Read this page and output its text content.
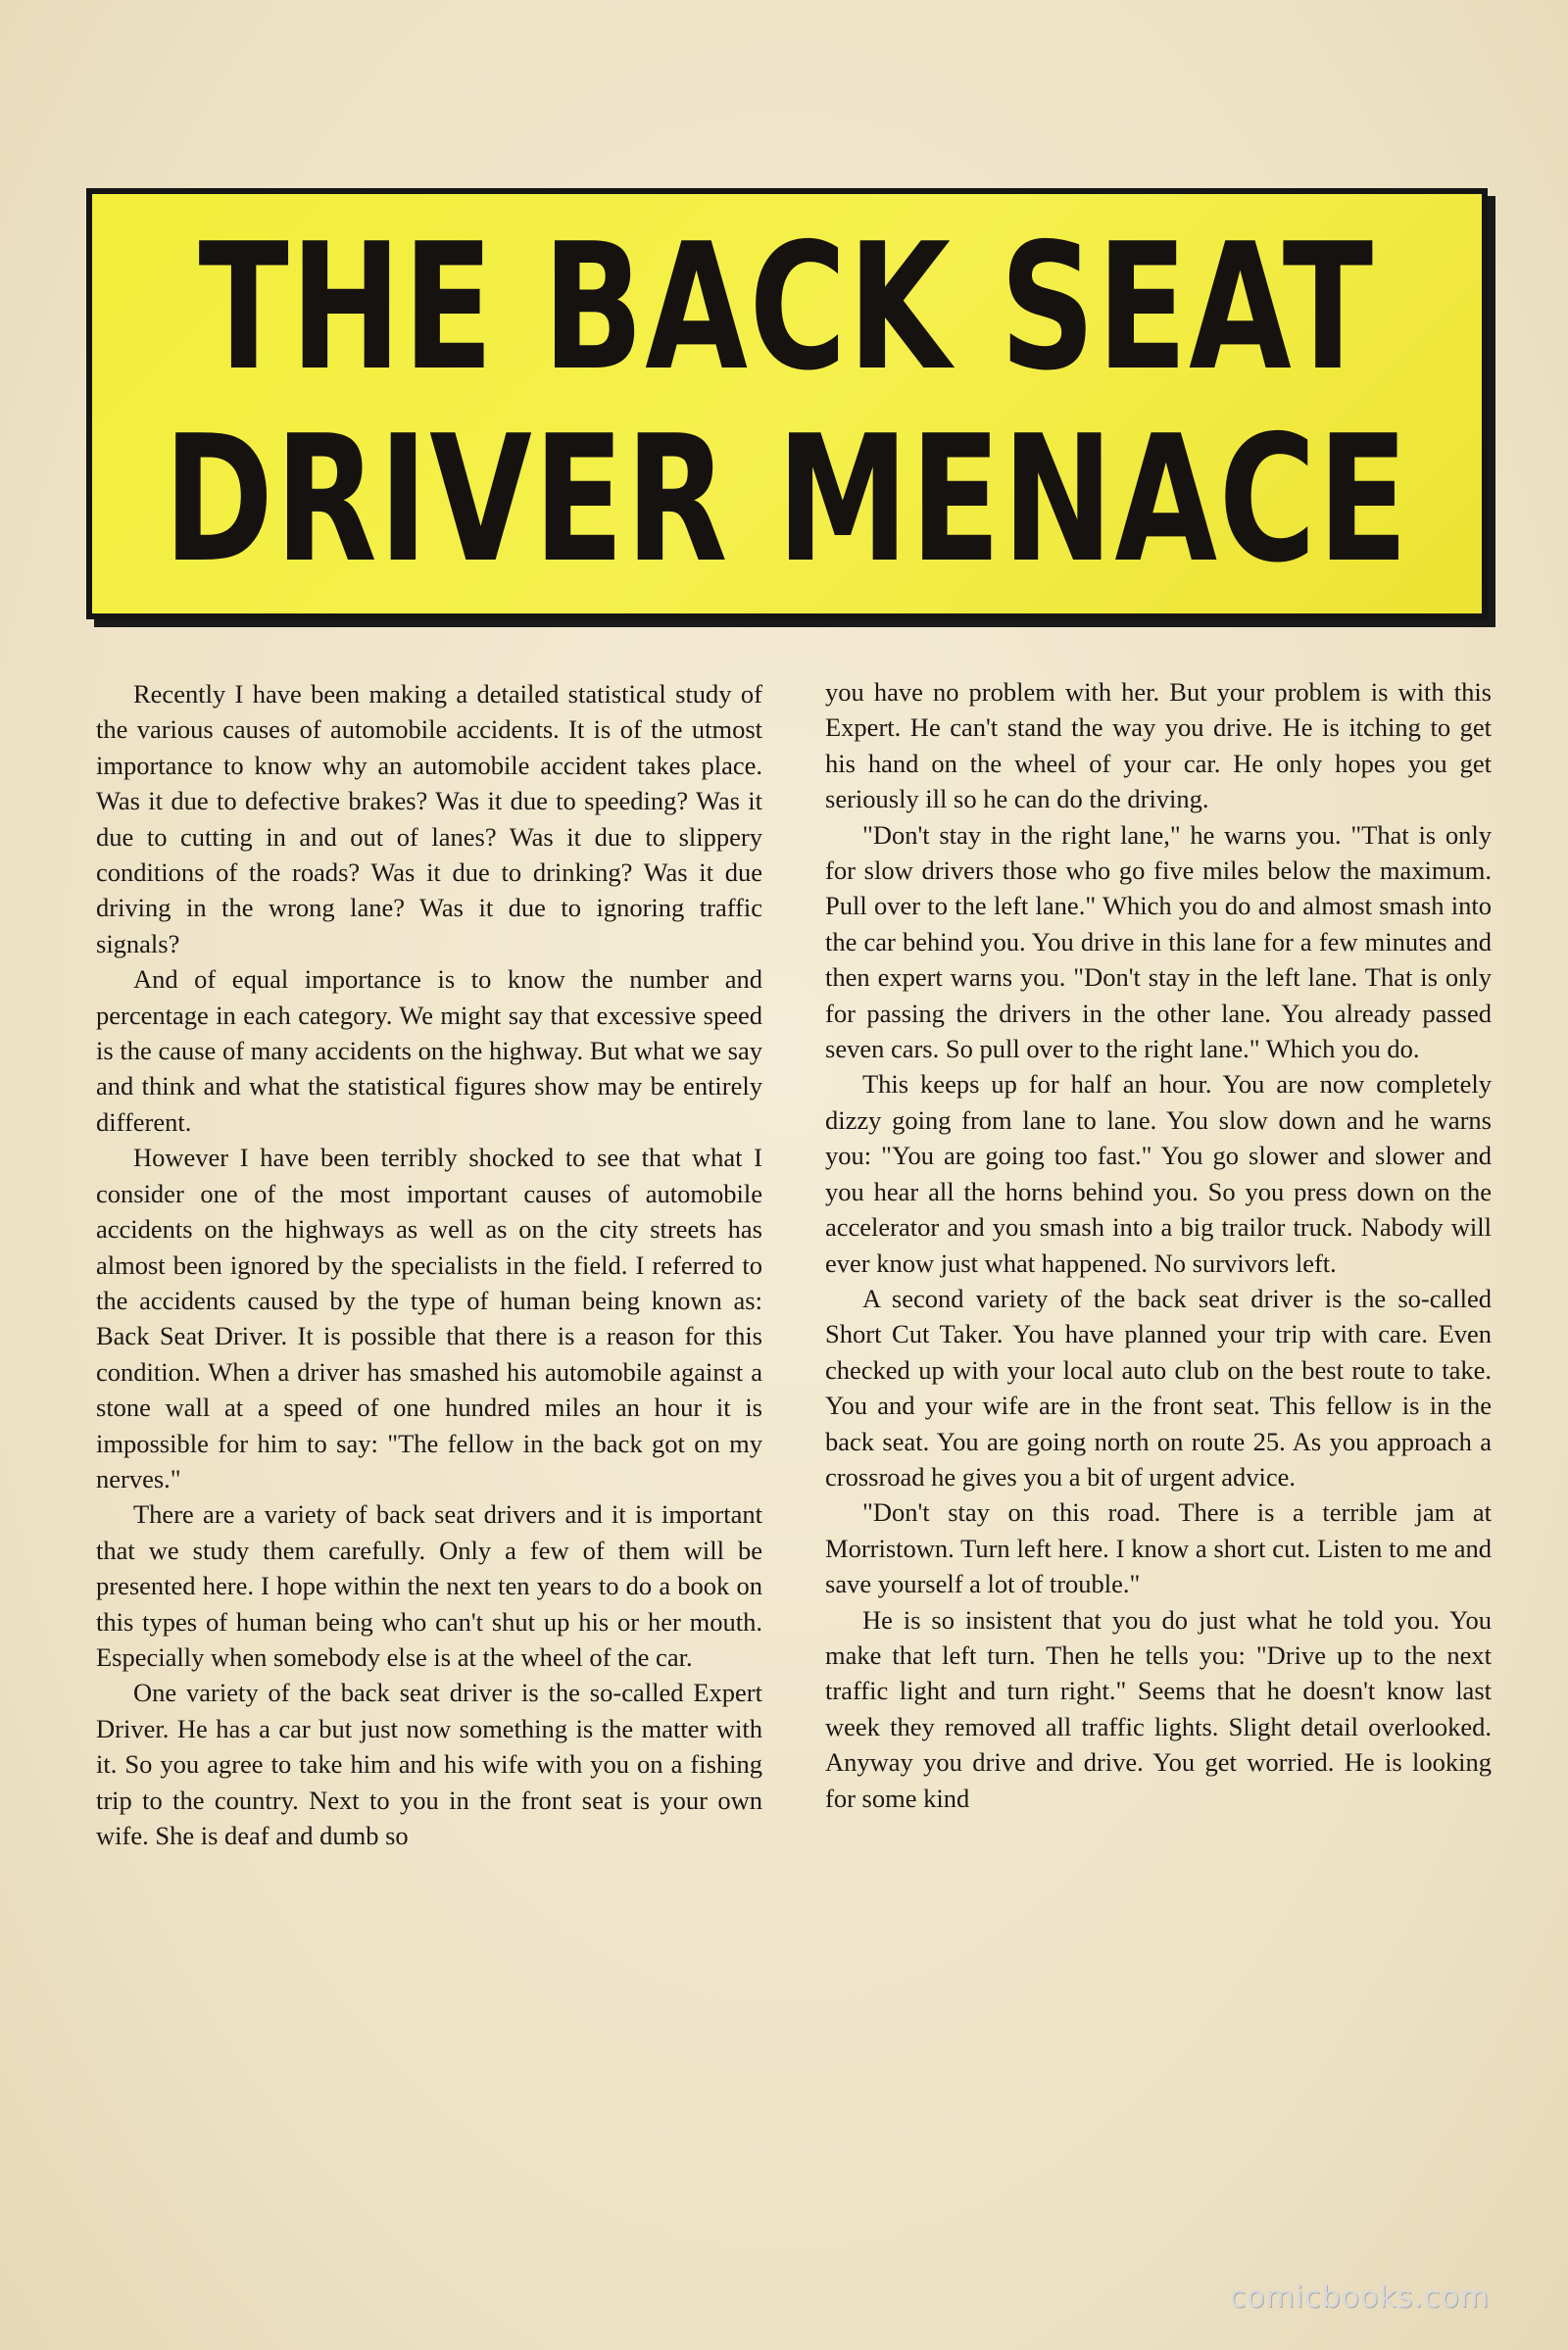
THE BACK SEAT
DRIVER MENACE

Recently I have been making a detailed statistical study of the various causes of automobile accidents. It is of the utmost importance to know why an automobile accident takes place. Was it due to defective brakes? Was it due to speeding? Was it due to cutting in and out of lanes? Was it due to slippery conditions of the roads? Was it due to drinking? Was it due driving in the wrong lane? Was it due to ignoring traffic signals?

And of equal importance is to know the number and percentage in each category. We might say that excessive speed is the cause of many accidents on the highway. But what we say and think and what the statistical figures show may be entirely different.

However I have been terribly shocked to see that what I consider one of the most important causes of automobile accidents on the highways as well as on the city streets has almost been ignored by the specialists in the field. I referred to the accidents caused by the type of human being known as: Back Seat Driver. It is possible that there is a reason for this condition. When a driver has smashed his automobile against a stone wall at a speed of one hundred miles an hour it is impossible for him to say: "The fellow in the back got on my nerves."

There are a variety of back seat drivers and it is important that we study them carefully. Only a few of them will be presented here. I hope within the next ten years to do a book on this types of human being who can't shut up his or her mouth. Especially when somebody else is at the wheel of the car.

One variety of the back seat driver is the so-called Expert Driver. He has a car but just now something is the matter with it. So you agree to take him and his wife with you on a fishing trip to the country. Next to you in the front seat is your own wife. She is deaf and dumb so

you have no problem with her. But your problem is with this Expert. He can't stand the way you drive. He is itching to get his hand on the wheel of your car. He only hopes you get seriously ill so he can do the driving.

"Don't stay in the right lane," he warns you. "That is only for slow drivers those who go five miles below the maximum. Pull over to the left lane." Which you do and almost smash into the car behind you. You drive in this lane for a few minutes and then expert warns you. "Don't stay in the left lane. That is only for passing the drivers in the other lane. You already passed seven cars. So pull over to the right lane." Which you do.

This keeps up for half an hour. You are now completely dizzy going from lane to lane. You slow down and he warns you: "You are going too fast." You go slower and slower and you hear all the horns behind you. So you press down on the accelerator and you smash into a big trailor truck. Nabody will ever know just what happened. No survivors left.

A second variety of the back seat driver is the so-called Short Cut Taker. You have planned your trip with care. Even checked up with your local auto club on the best route to take. You and your wife are in the front seat. This fellow is in the back seat. You are going north on route 25. As you approach a crossroad he gives you a bit of urgent advice.

"Don't stay on this road. There is a terrible jam at Morristown. Turn left here. I know a short cut. Listen to me and save yourself a lot of trouble."

He is so insistent that you do just what he told you. You make that left turn. Then he tells you: "Drive up to the next traffic light and turn right." Seems that he doesn't know last week they removed all traffic lights. Slight detail overlooked. Anyway you drive and drive. You get worried. He is looking for some kind

comicbooks.com
